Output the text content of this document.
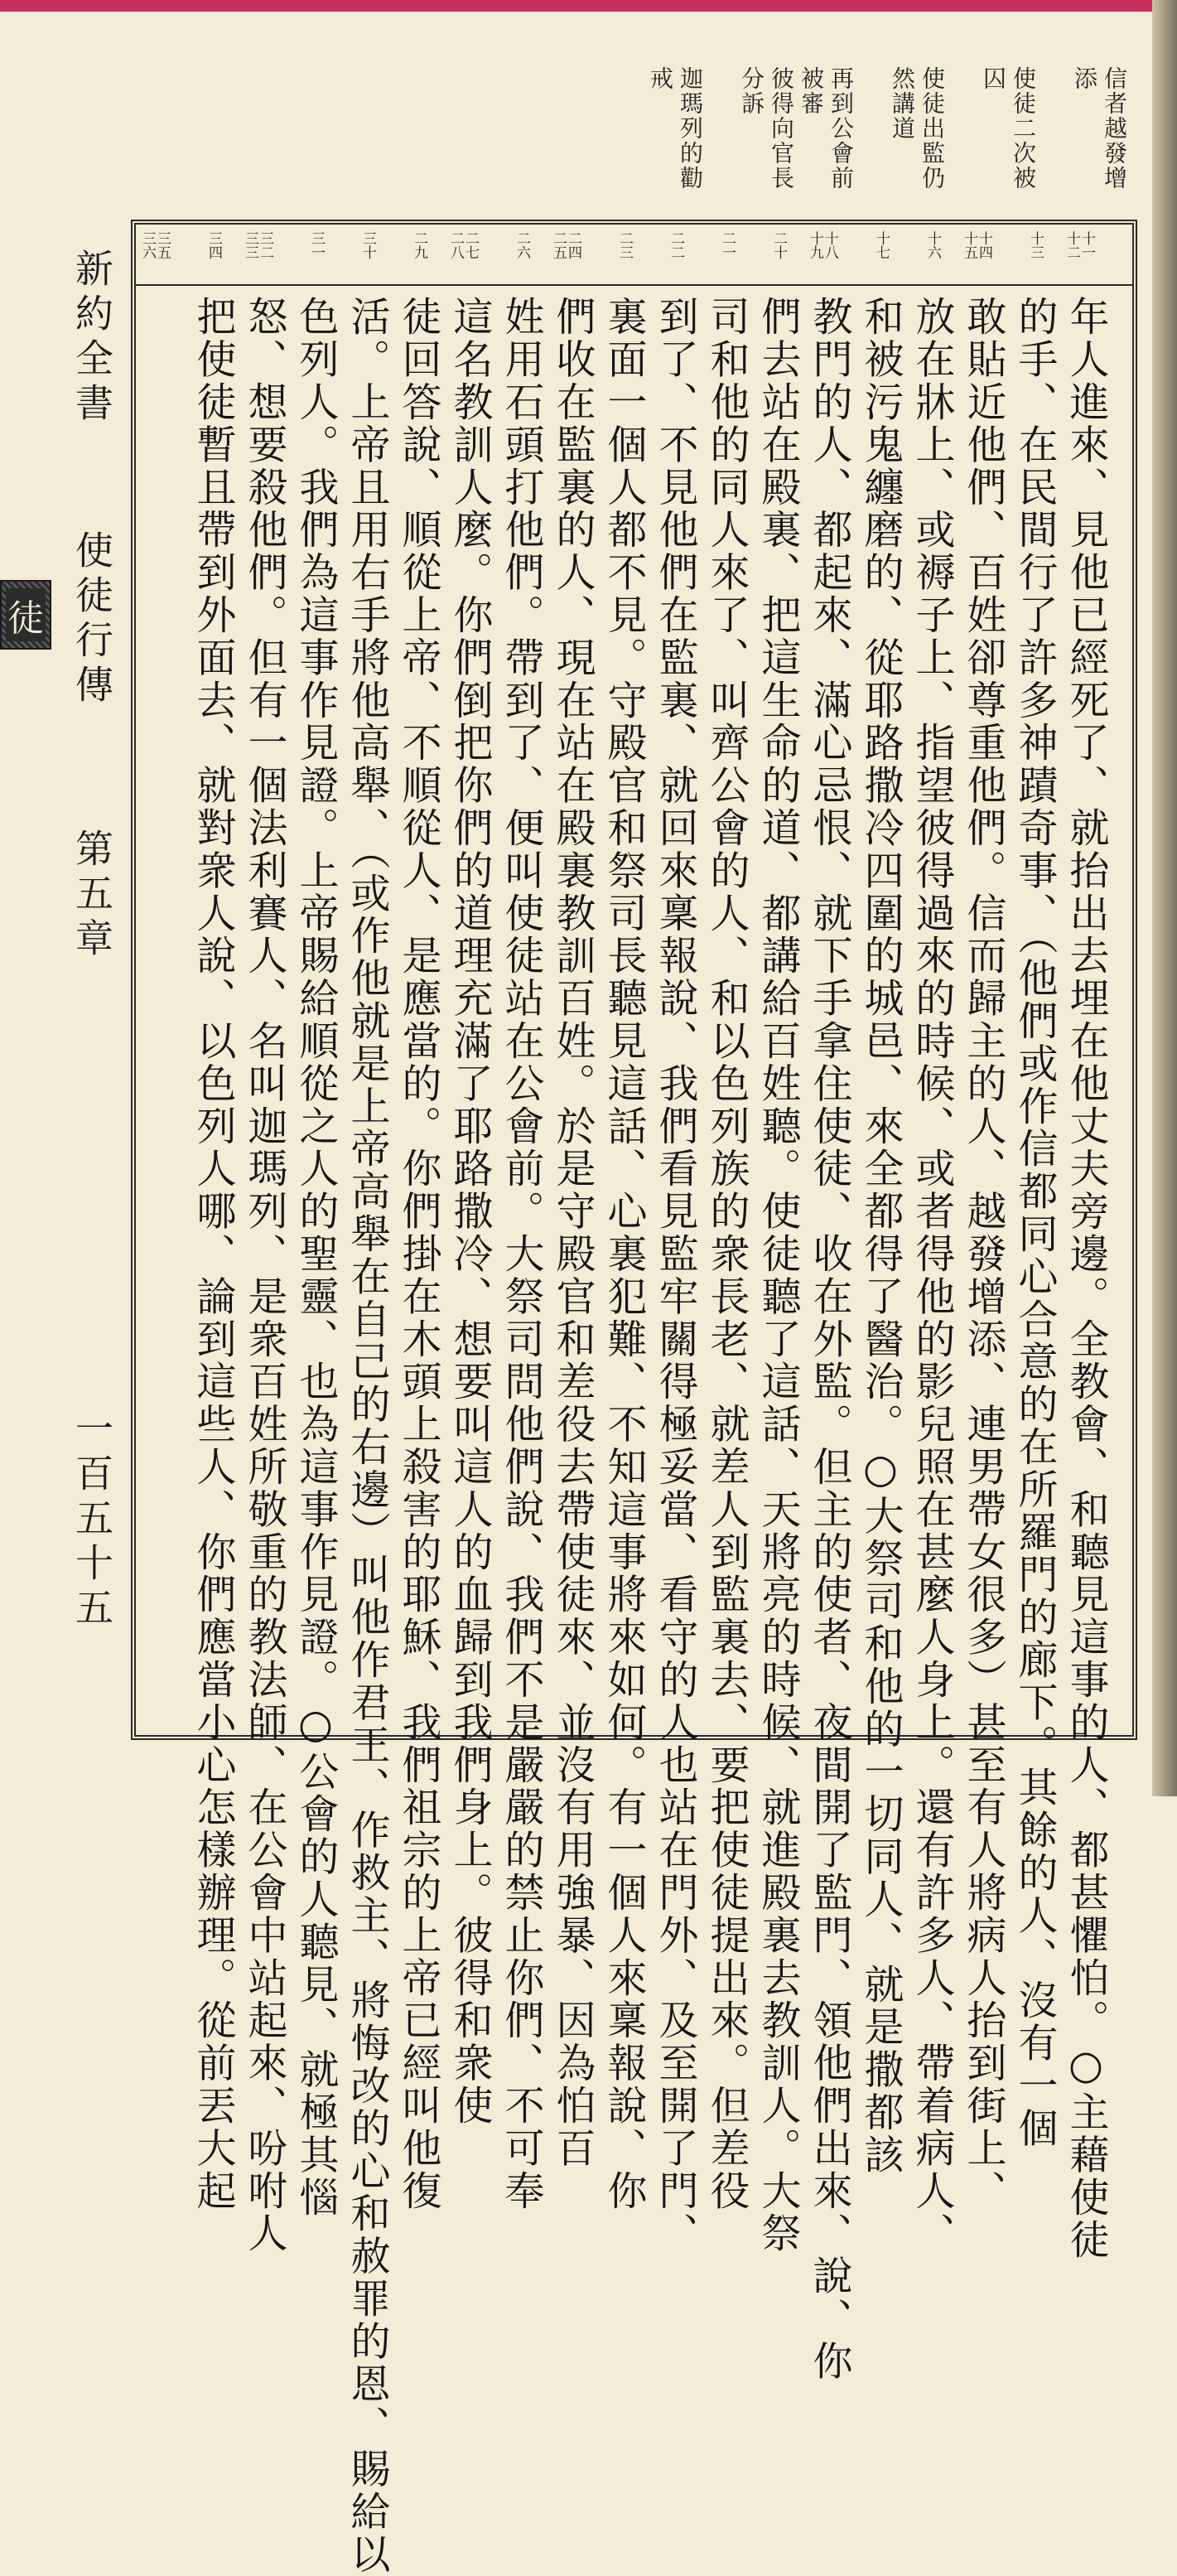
信者越發增
添
使徒二次被
囚
使徒出監仍
然講道
再到公會前
被審
彼得向官長
分訴
迦瑪列的勸
戒
十一 十二
十三
十四 十五
十六
十七
十八 十九
二十
二一
二二
二三
二四 二五
二六
二七 二八
二九
三十
三一
三二 三三
三四
三五 三六
年人進來、見他已經死了、就抬出去埋在他丈夫旁邊。全教會、和聽見這事的人、都甚懼怕。○主藉使徒
的手、在民間行了許多神蹟奇事、（他們或作信都同心合意的在所羅門的廊下。其餘的人、沒有一個
敢貼近他們、百姓卻尊重他們。信而歸主的人、越發增添、連男帶女很多）甚至有人將病人抬到街上、
放在牀上、或褥子上、指望彼得過來的時候、或者得他的影兒照在甚麼人身上。還有許多人、帶着病人、
和被污鬼纏磨的、從耶路撒冷四圍的城邑、來全都得了醫治。○大祭司和他的一切同人、就是撒都該
教門的人、都起來、滿心忌恨、就下手拿住使徒、收在外監。但主的使者、夜間開了監門、領他們出來、說、你
們去站在殿裏、把這生命的道、都講給百姓聽。使徒聽了這話、天將亮的時候、就進殿裏去教訓人。大祭
司和他的同人來了、叫齊公會的人、和以色列族的衆長老、就差人到監裏去、要把使徒提出來。但差役
到了、不見他們在監裏、就回來稟報說、我們看見監牢關得極妥當、看守的人也站在門外、及至開了門、
裏面一個人都不見。守殿官和祭司長聽見這話、心裏犯難、不知這事將來如何。有一個人來稟報說、你
們收在監裏的人、現在站在殿裏教訓百姓。於是守殿官和差役去帶使徒來、並沒有用強暴、因為怕百
姓用石頭打他們。帶到了、便叫使徒站在公會前。大祭司問他們說、我們不是嚴嚴的禁止你們、不可奉
這名教訓人麼。你們倒把你們的道理充滿了耶路撒冷、想要叫這人的血歸到我們身上。彼得和衆使
徒回答說、順從上帝、不順從人、是應當的。你們掛在木頭上殺害的耶穌、我們祖宗的上帝已經叫他復
活。上帝且用右手將他高舉、（或作他就是上帝高舉在自己的右邊）叫他作君王、作救主、將悔改的心和赦罪的恩、賜給以
色列人。我們為這事作見證。上帝賜給順從之人的聖靈、也為這事作見證。○公會的人聽見、就極其惱
怒、想要殺他們。但有一個法利賽人、名叫迦瑪列、是衆百姓所敬重的教法師、在公會中站起來、吩咐人
把使徒暫且帶到外面去、就對衆人說、以色列人哪、論到這些人、你們應當小心怎樣辦理。從前丟大起
新約全書
徒 使徒行傳
第五章
一百五十五
